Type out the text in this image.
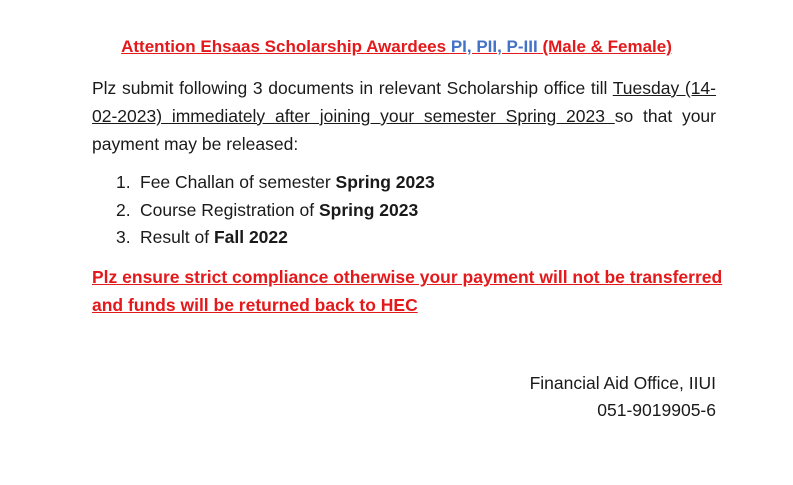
Attention Ehsaas Scholarship Awardees PI, PII, P-III (Male & Female)
Plz submit following 3 documents in relevant Scholarship office till Tuesday (14-02-2023) immediately after joining your semester Spring 2023 so that your payment may be released:
1. Fee Challan of semester Spring 2023
2. Course Registration of Spring 2023
3. Result of Fall 2022
Plz ensure strict compliance otherwise your payment will not be transferred and funds will be returned back to HEC
Financial Aid Office, IIUI
051-9019905-6
